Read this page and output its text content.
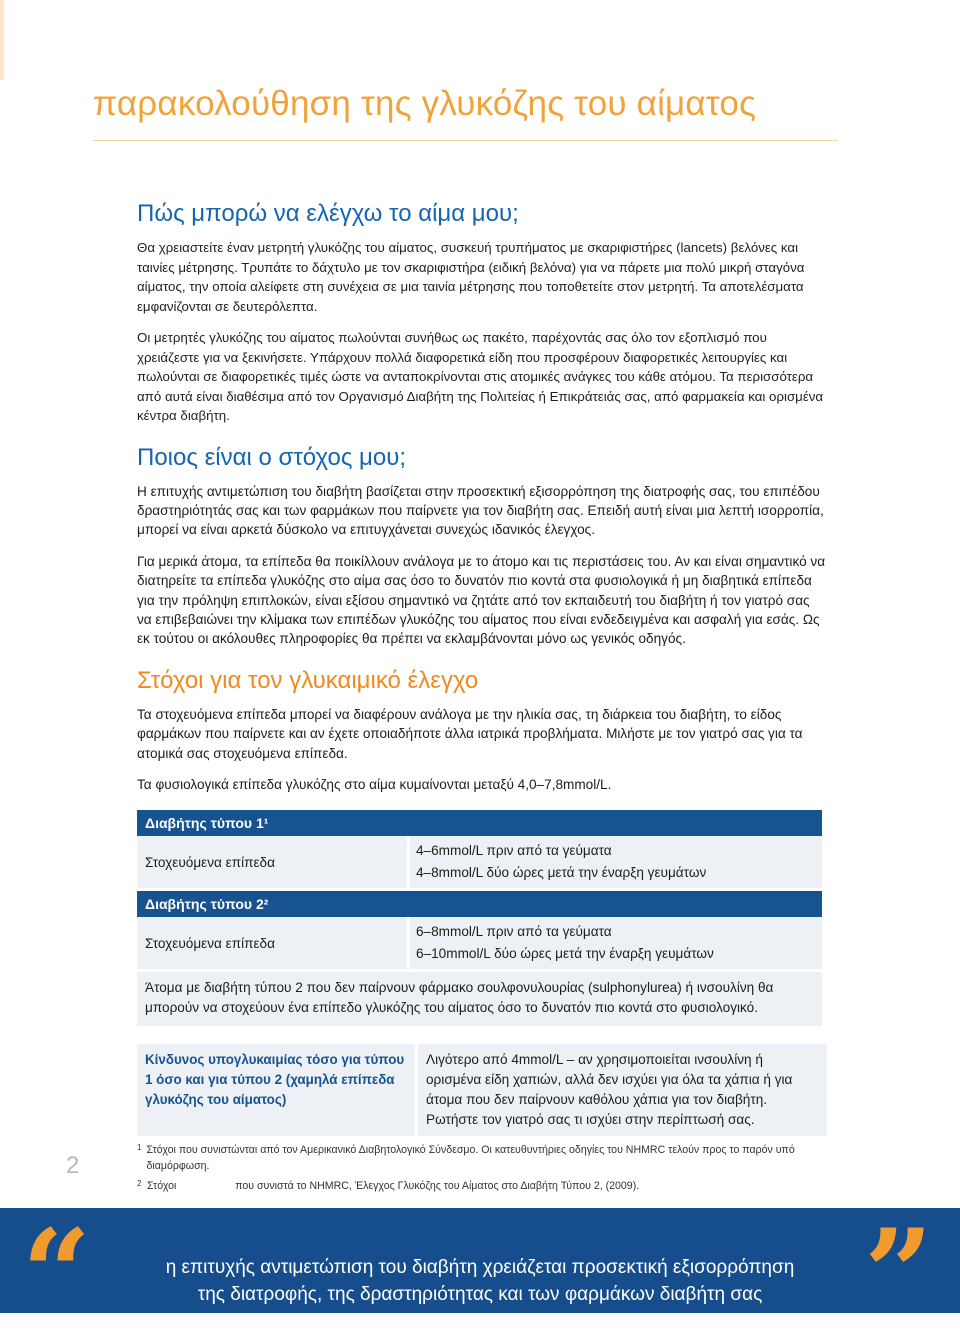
παρακολούθηση της γλυκόζης του αίματος
Πώς μπορώ να ελέγχω το αίμα μου;

Θα χρειαστείτε έναν μετρητή γλυκόζης του αίματος, συσκευή τρυπήματος με σκαριφιστήρες (lancets) βελόνες και ταινίες μέτρησης. Τρυπάτε το δάχτυλο με τον σκαριφιστήρα (ειδική βελόνα) για να πάρετε μια πολύ μικρή σταγόνα αίματος, την οποία αλείφετε στη συνέχεια σε μια ταινία μέτρησης που τοποθετείτε στον μετρητή. Τα αποτελέσματα εμφανίζονται σε δευτερόλεπτα.

Οι μετρητές γλυκόζης του αίματος πωλούνται συνήθως ως πακέτο, παρέχοντάς σας όλο τον εξοπλισμό που χρειάζεστε για να ξεκινήσετε. Υπάρχουν πολλά διαφορετικά είδη που προσφέρουν διαφορετικές λειτουργίες και πωλούνται σε διαφορετικές τιμές ώστε να ανταποκρίνονται στις ατομικές ανάγκες του κάθε ατόμου. Τα περισσότερα από αυτά είναι διαθέσιμα από τον Οργανισμό Διαβήτη της Πολιτείας ή Επικράτειάς σας, από φαρμακεία και ορισμένα κέντρα διαβήτη.

Ποιος είναι ο στόχος μου;

Η επιτυχής αντιμετώπιση του διαβήτη βασίζεται στην προσεκτική εξισορρόπηση της διατροφής σας, του επιπέδου δραστηριότητάς σας και των φαρμάκων που παίρνετε για τον διαβήτη σας. Επειδή αυτή είναι μια λεπτή ισορροπία, μπορεί να είναι αρκετά δύσκολο να επιτυγχάνεται συνεχώς ιδανικός έλεγχος.

Για μερικά άτομα, τα επίπεδα θα ποικίλλουν ανάλογα με το άτομο και τις περιστάσεις του. Αν και είναι σημαντικό να διατηρείτε τα επίπεδα γλυκόζης στο αίμα σας όσο το δυνατόν πιο κοντά στα φυσιολογικά ή μη διαβητικά επίπεδα για την πρόληψη επιπλοκών, είναι εξίσου σημαντικό να ζητάτε από τον εκπαιδευτή του διαβήτη ή τον γιατρό σας να επιβεβαιώνει την κλίμακα των επιπέδων γλυκόζης του αίματος που είναι ενδεδειγμένα και ασφαλή για εσάς. Ως εκ τούτου οι ακόλουθες πληροφορίες θα πρέπει να εκλαμβάνονται μόνο ως γενικός οδηγός.

Στόχοι για τον γλυκαιμικό έλεγχο

Τα στοχευόμενα επίπεδα μπορεί να διαφέρουν ανάλογα με την ηλικία σας, τη διάρκεια του διαβήτη, το είδος φαρμάκων που παίρνετε και αν έχετε οποιαδήποτε άλλα ιατρικά προβλήματα. Μιλήστε με τον γιατρό σας για τα ατομικά σας στοχευόμενα επίπεδα.

Τα φυσιολογικά επίπεδα γλυκόζης στο αίμα κυμαίνονται μεταξύ 4,0–7,8mmol/L.

Διαβήτης τύπου 1¹
Στοχευόμενα επίπεδα
4–6mmol/L πριν από τα γεύματα
4–8mmol/L δύο ώρες μετά την έναρξη γευμάτων
Διαβήτης τύπου 2²
Στοχευόμενα επίπεδα
6–8mmol/L πριν από τα γεύματα
6–10mmol/L δύο ώρες μετά την έναρξη γευμάτων
Άτομα με διαβήτη τύπου 2 που δεν παίρνουν φάρμακο σουλφονυλουρίας (sulphonylurea) ή ινσουλίνη θα μπορούν να στοχεύουν ένα επίπεδο γλυκόζης του αίματος όσο το δυνατόν πιο κοντά στο φυσιολογικό.
Κίνδυνος υπογλυκαιμίας τόσο για τύπου 1 όσο και για τύπου 2 (χαμηλά επίπεδα γλυκόζης του αίματος)
Λιγότερο από 4mmol/L – αν χρησιμοποιείται ινσουλίνη ή ορισμένα είδη χαπιών, αλλά δεν ισχύει για όλα τα χάπια ή για άτομα που δεν παίρνουν καθόλου χάπια για τον διαβήτη. Ρωτήστε τον γιατρό σας τι ισχύει στην περίπτωσή σας.
2
1 Στόχοι που συνιστώνται από τον Αμερικανικό Διαβητολογικό Σύνδεσμο. Οι κατευθυντήριες οδηγίες του NHMRC τελούν προς το παρόν υπό διαμόρφωση.
2 Στόχοι                    που συνιστά το NHMRC, Έλεγχος Γλυκόζης του Αίματος στο Διαβήτη Τύπου 2, (2009).
“	”
η επιτυχής αντιμετώπιση του διαβήτη χρειάζεται προσεκτική εξισορρόπηση
της διατροφής, της δραστηριότητας και των φαρμάκων διαβήτη σας
